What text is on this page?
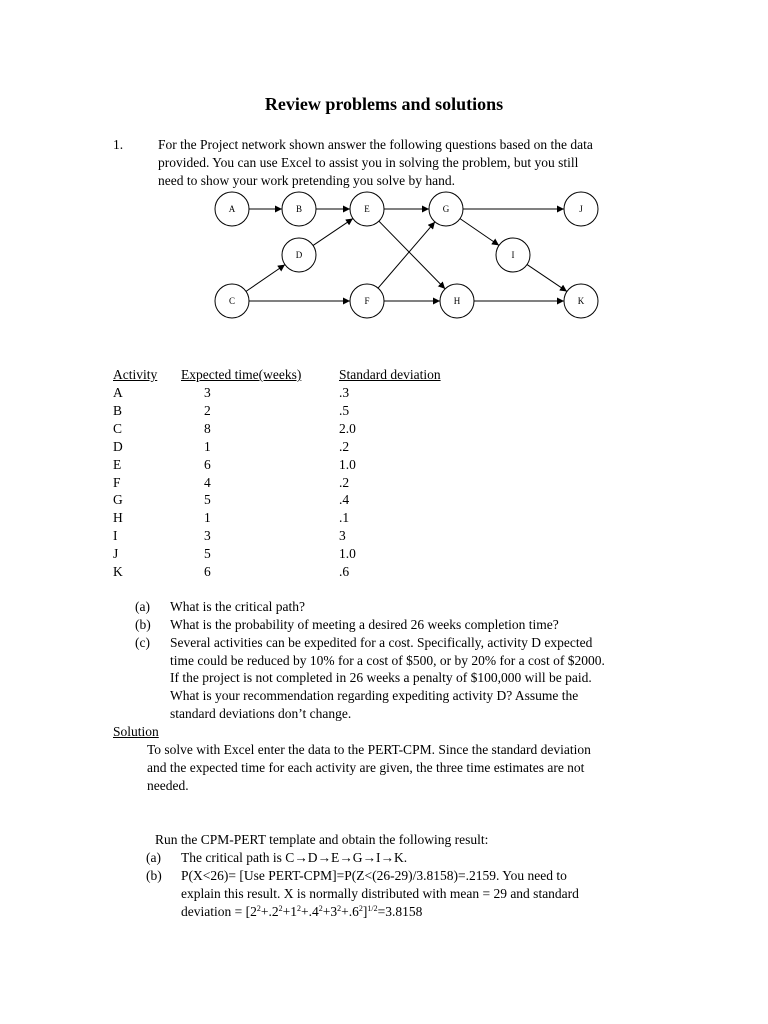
Review problems and solutions
1.	For the Project network shown answer the following questions based on the data
provided. You can use Excel to assist you in solving the problem, but you still
need to show your work pretending you solve by hand.
A	B	E	G	J
D	I
C	F	H	K
Activity Expected time(weeks)	Standard deviation
A	3	.3
B	2	.5
C	8	2.0
D	1	.2
E	6	1.0
F	4	.2
G	5	.4
H	1	.1
I	3	3
J	5	1.0
K	6	.6
(a) What is the critical path?
(b) What is the probability of meeting a desired 26 weeks completion time?
(c) Several activities can be expedited for a cost. Specifically, activity D expected
time could be reduced by 10% for a cost of $500, or by 20% for a cost of $2000.
If the project is not completed in 26 weeks a penalty of $100,000 will be paid.
What is your recommendation regarding expediting activity D? Assume the
standard deviations don’t change.
Solution
To solve with Excel enter the data to the PERT-CPM. Since the standard deviation
and the expected time for each activity are given, the three time estimates are not
needed.
Run the CPM-PERT template and obtain the following result:
(a) The critical path is C→D→E→G→I→K.
(b) P(X<26)= [Use PERT-CPM]=P(Z<(26-29)/3.8158)=.2159. You need to
explain this result. X is normally distributed with mean = 29 and standard
deviation = $[2^2+.2^2+1^2+.4^2+3^2+.6^2]^{1/2}=3.8158$
